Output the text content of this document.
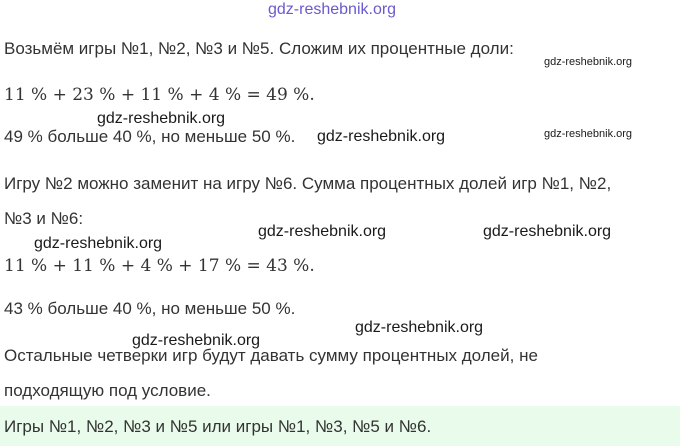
gdz-reshebnik.org
Возьмём игры №1, №2, №3 и №5. Сложим их процентные доли:
gdz-reshebnik.org
11 % + 23 % + 11 % + 4 % = 49 %.
gdz-reshebnik.org
49 % больше 40 %, но меньше 50 %. gdz-reshebnik.org	gdz-reshebnik.org
Игру №2 можно заменит на игру №6. Сумма процентных долей игр №1, №2,
№3 и №6:
gdz-reshebnik.org	gdz-reshebnik.org
gdz-reshebnik.org
11 % + 11 % + 4 % + 17 % = 43 %.
43 % больше 40 %, но меньше 50 %.
gdz-reshebnik.org
gdz-reshebnik.org
Остальные четверки игр будут давать сумму процентных долей, не
подходящую под условие.
Игры №1, №2, №3 и №5 или игры №1, №3, №5 и №6.
